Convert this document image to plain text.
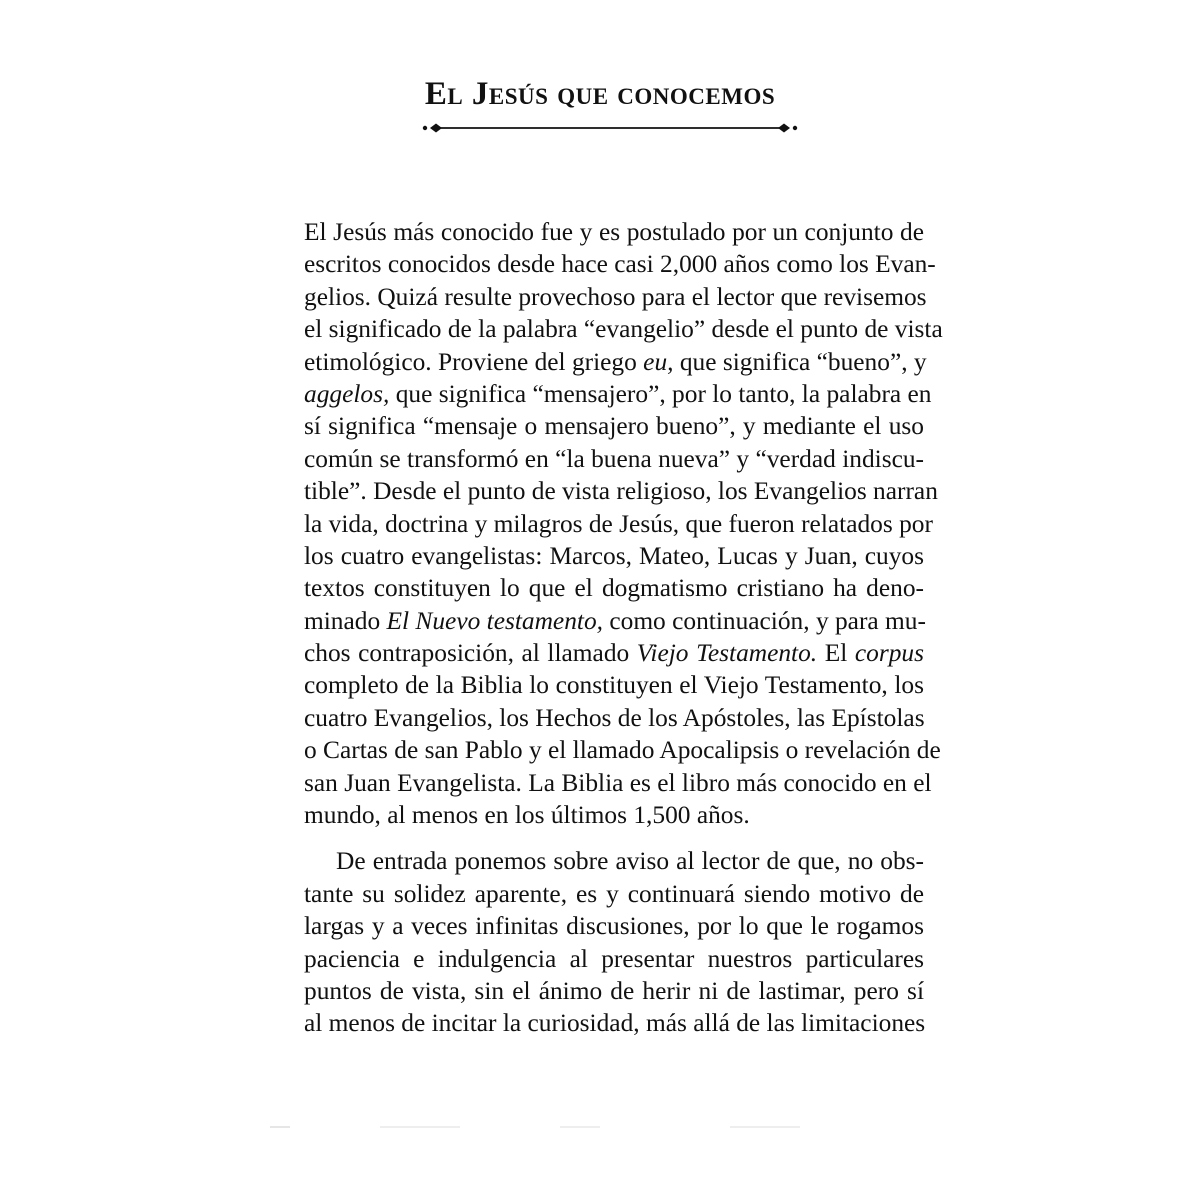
El Jesús que conocemos
El Jesús más conocido fue y es postulado por un conjunto de
escritos conocidos desde hace casi 2,000 años como los Evan-
gelios. Quizá resulte provechoso para el lector que revisemos
el significado de la palabra “evangelio” desde el punto de vista
etimológico. Proviene del griego eu, que significa “bueno”, y
aggelos, que significa “mensajero”, por lo tanto, la palabra en
sí significa “mensaje o mensajero bueno”, y mediante el uso
común se transformó en “la buena nueva” y “verdad indiscu-
tible”. Desde el punto de vista religioso, los Evangelios narran
la vida, doctrina y milagros de Jesús, que fueron relatados por
los cuatro evangelistas: Marcos, Mateo, Lucas y Juan, cuyos
textos constituyen lo que el dogmatismo cristiano ha deno-
minado El Nuevo testamento, como continuación, y para mu-
chos contraposición, al llamado Viejo Testamento. El corpus
completo de la Biblia lo constituyen el Viejo Testamento, los
cuatro Evangelios, los Hechos de los Apóstoles, las Epístolas
o Cartas de san Pablo y el llamado Apocalipsis o revelación de
san Juan Evangelista. La Biblia es el libro más conocido en el
mundo, al menos en los últimos 1,500 años.
De entrada ponemos sobre aviso al lector de que, no obs-
tante su solidez aparente, es y continuará siendo motivo de
largas y a veces infinitas discusiones, por lo que le rogamos
paciencia e indulgencia al presentar nuestros particulares
puntos de vista, sin el ánimo de herir ni de lastimar, pero sí
al menos de incitar la curiosidad, más allá de las limitaciones
